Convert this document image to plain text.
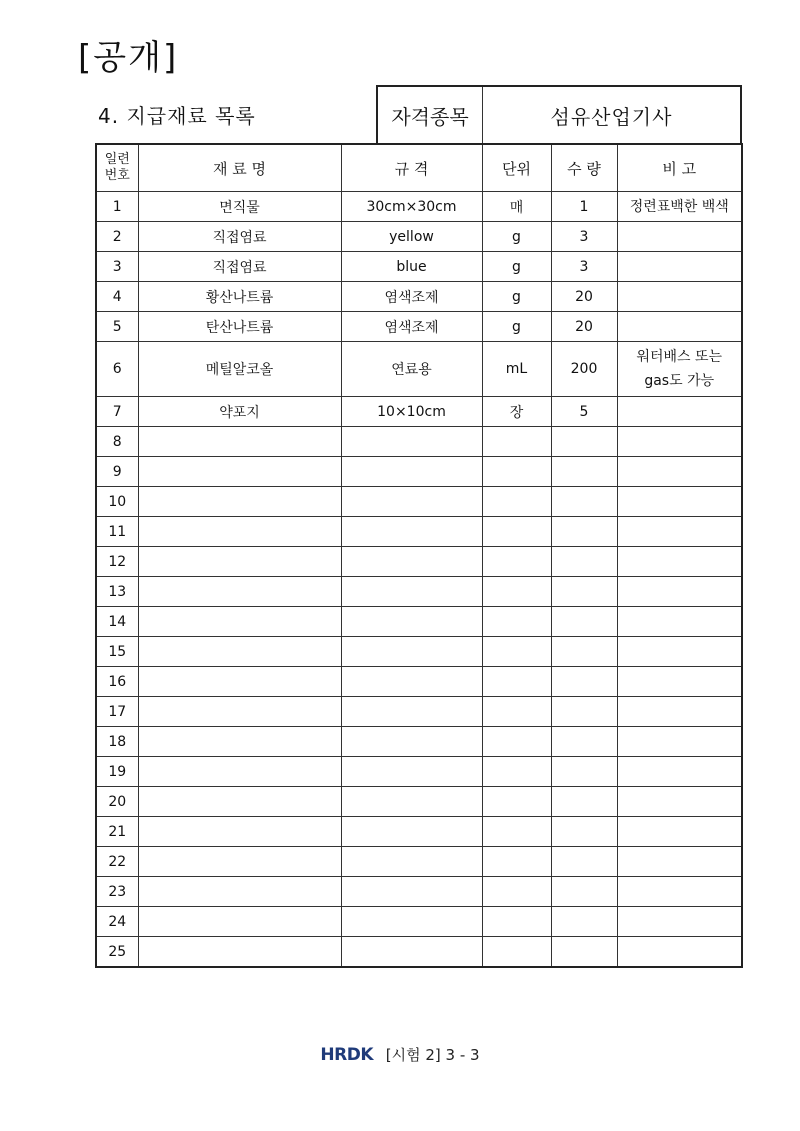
[공개]
4. 지급재료 목록	자격종목	섬유산업기사
일련
번호	재 료 명	규 격	단위	수 량	비 고
1	면직물	30cm×30cm	매	1	정련표백한 백색
2	직접염료	yellow	g	3	
3	직접염료	blue	g	3	
4	황산나트륨	염색조제	g	20	
5	탄산나트륨	염색조제	g	20	
6	메틸알코올	연료용	mL	200	워터배스 또는
gas도 가능
7	약포지	10×10cm	장	5	
8					
9					
10					
11					
12					
13					
14					
15					
16					
17					
18					
19					
20					
21					
22					
23					
24					
25					
HRDK [시험 2] 3 - 3
